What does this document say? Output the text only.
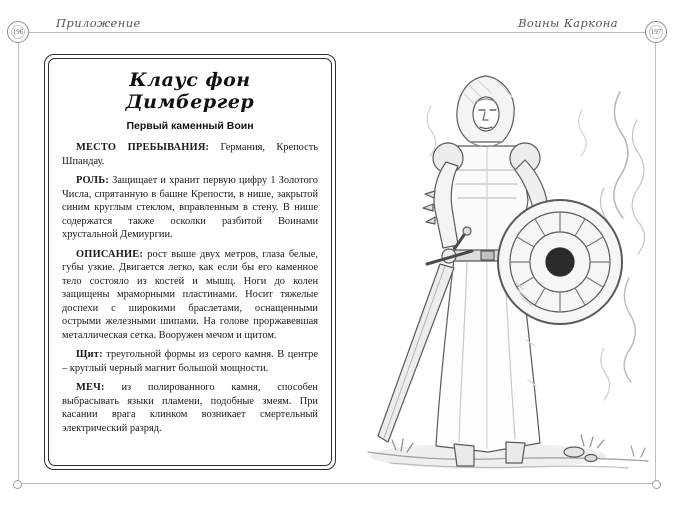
196	197
Приложение	Воины Каркона
Клаус фон Димбергер
Первый каменный Воин

МЕСТО ПРЕБЫВАНИЯ: Германия, Крепость Шпандау.

РОЛЬ: Защищает и хранит первую цифру 1 Золотого Числа, спрятанную в башне Крепости, в нише, закрытой синим круглым стеклом, вправленным в стену. В нише содержатся также осколки разбитой Воинами хрустальной Демиургии.

ОПИСАНИЕ: рост выше двух метров, глаза белые, губы узкие. Двигается легко, как если бы его каменное тело состояло из костей и мышц. Ноги до колен защищены мраморными пластинами. Носит тяжелые доспехи с широкими браслетами, оснащенными острыми железными шипами. На голове проржавевшая металлическая сетка. Вооружен мечом и щитом.

Щит: треугольной формы из серого камня. В центре – круглый черный магнит большой мощности.

МЕЧ: из полированного камня, способен выбрасывать языки пламени, подобные змеям. При касании врага клинком возникает смертельный электрический разряд.
